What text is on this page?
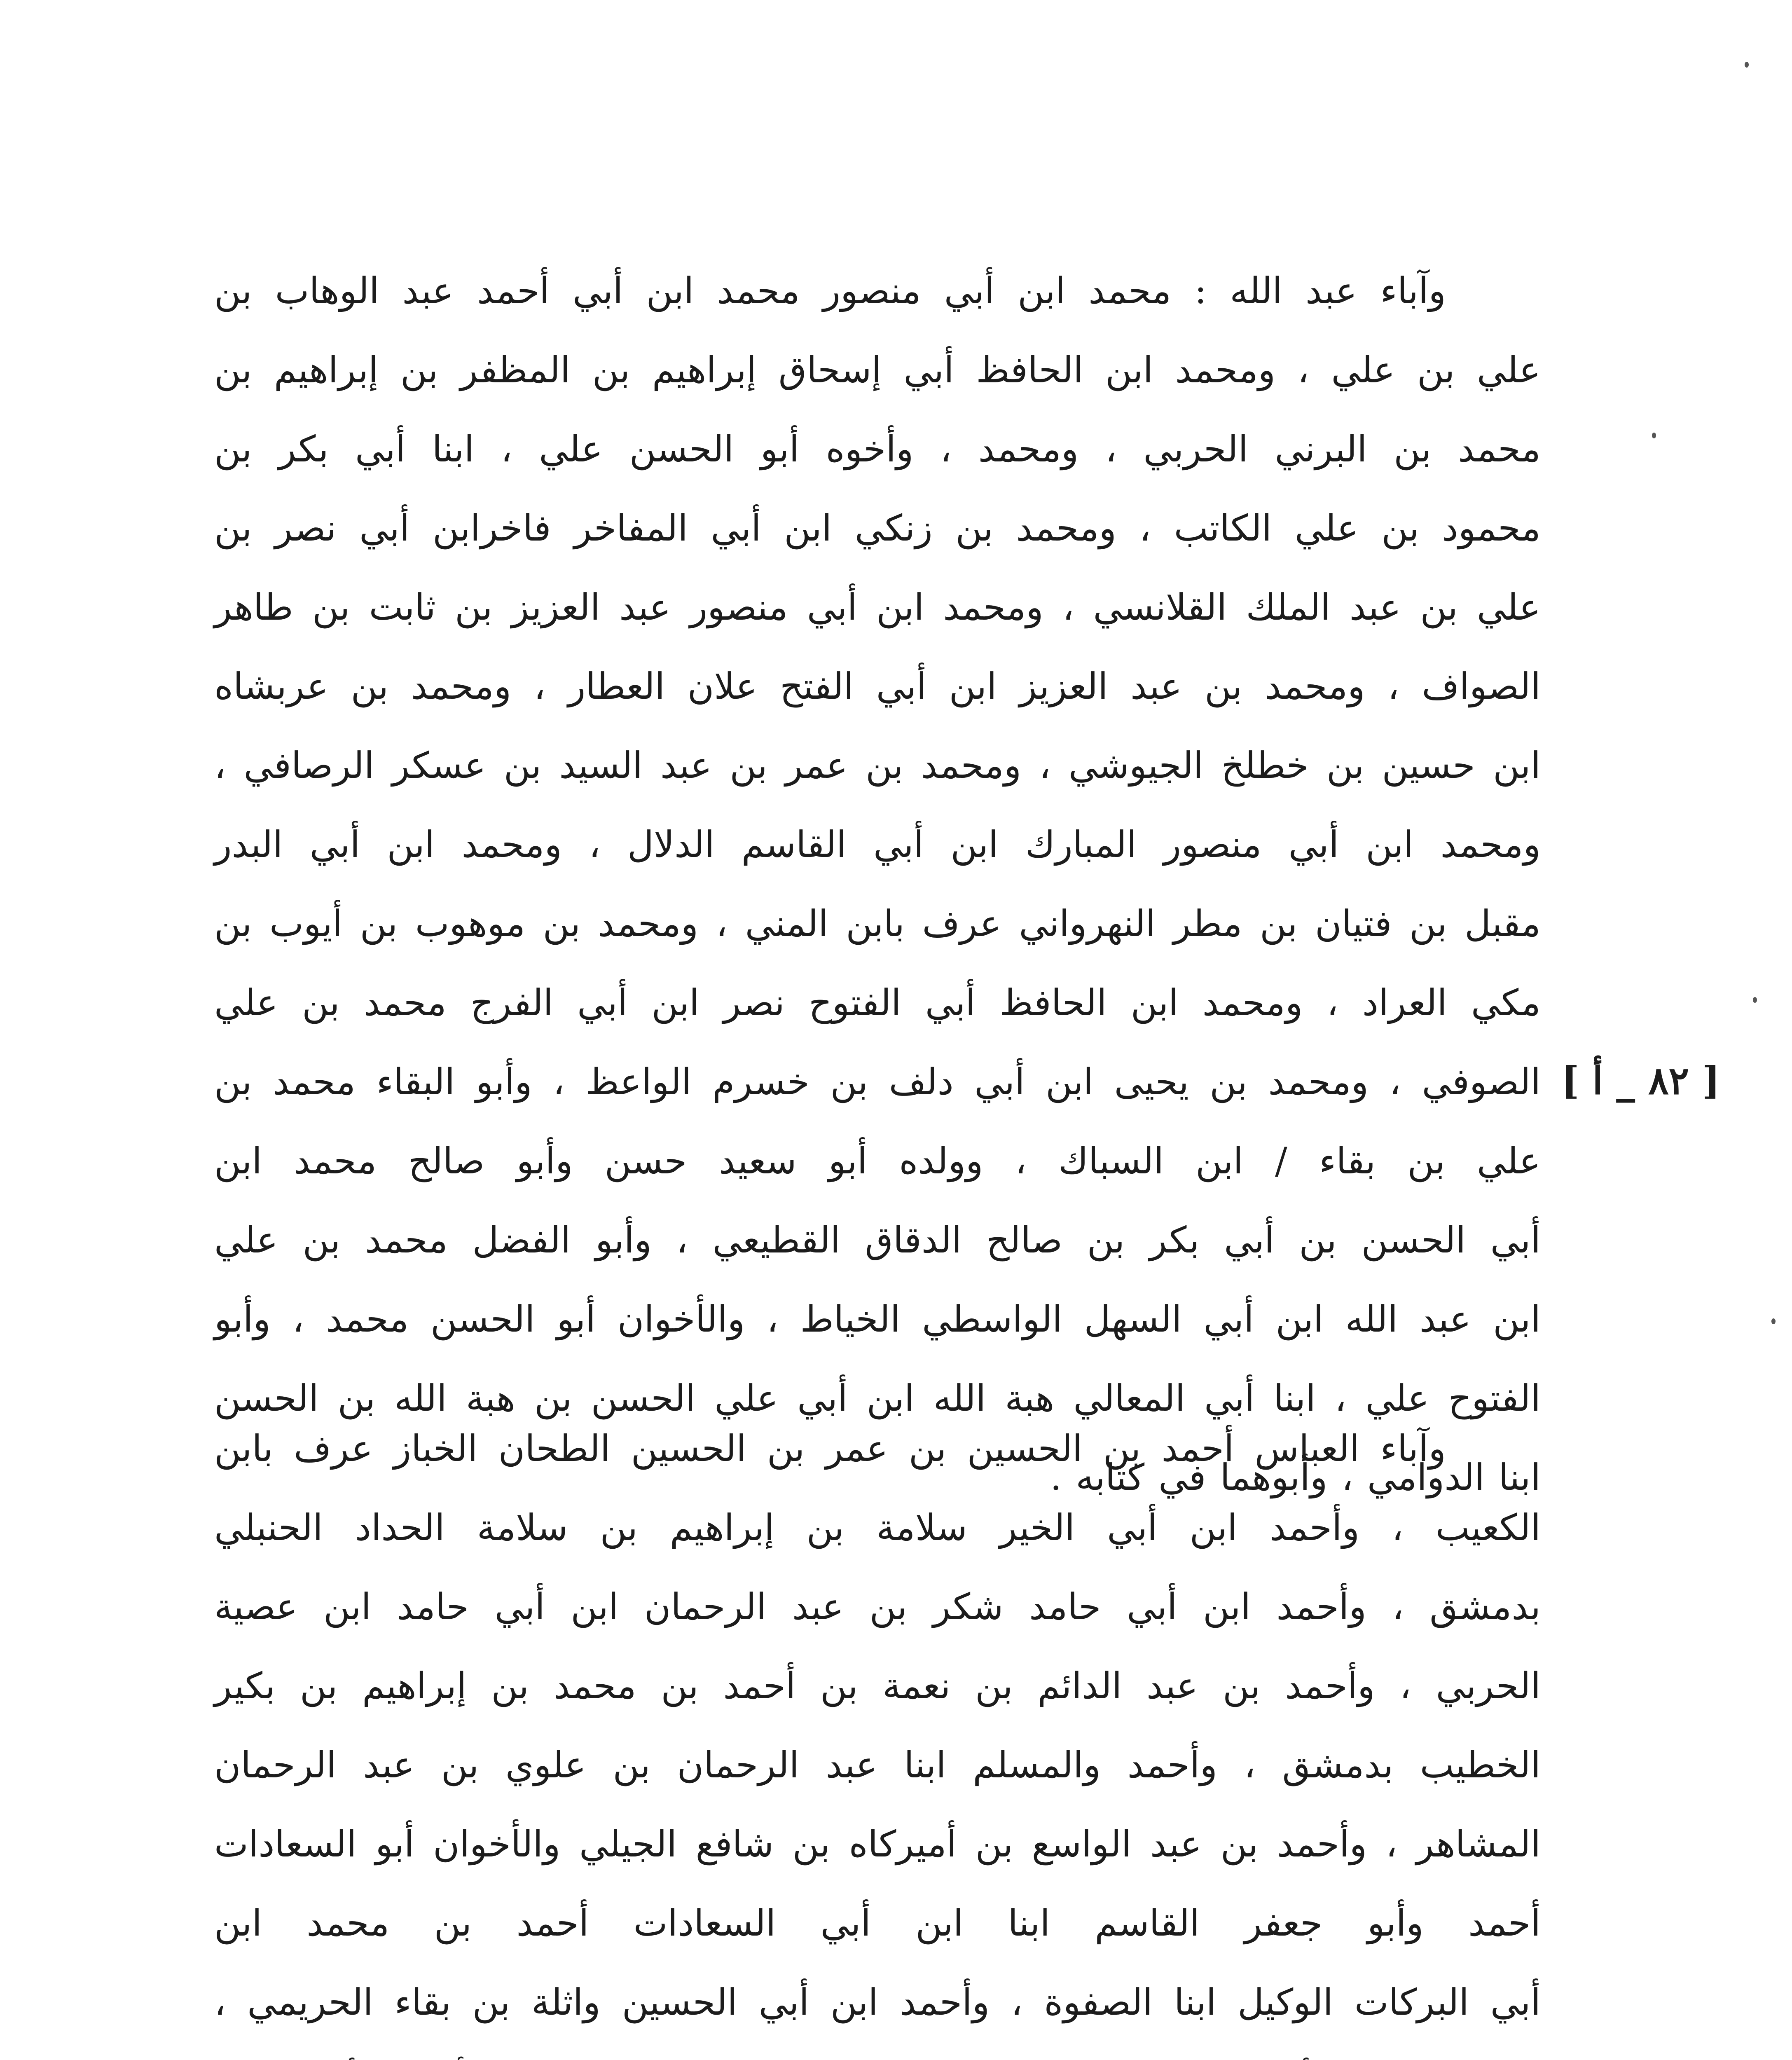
وآباء عبد الله : محمد ابن أبي منصور محمد ابن أبي أحمد عبد الوهاب بن
علي بن علي ، ومحمد ابن الحافظ أبي إسحاق إبراهيم بن المظفر بن إبراهيم بن
محمد بن البرني الحربي ، ومحمد ، وأخوه أبو الحسن علي ، ابنا أبي بكر بن
محمود بن علي الكاتب ، ومحمد بن زنكي ابن أبي المفاخر فاخرابن أبي نصر بن
علي بن عبد الملك القلانسي ، ومحمد ابن أبي منصور عبد العزيز بن ثابت بن طاهر
الصواف ، ومحمد بن عبد العزيز ابن أبي الفتح علان العطار ، ومحمد بن عربشاه
ابن حسين بن خطلخ الجيوشي ، ومحمد بن عمر بن عبد السيد بن عسكر الرصافي ،
ومحمد ابن أبي منصور المبارك ابن أبي القاسم الدلال ، ومحمد ابن أبي البدر
مقبل بن فتيان بن مطر النهرواني عرف بابن المني ، ومحمد بن موهوب بن أيوب بن
مكي العراد ، ومحمد ابن الحافظ أبي الفتوح نصر ابن أبي الفرج محمد بن علي
الصوفي ، ومحمد بن يحيى ابن أبي دلف بن خسرم الواعظ ، وأبو البقاء محمد بن
علي بن بقاء / ابن السباك ، وولده أبو سعيد حسن وأبو صالح محمد ابن
أبي الحسن بن أبي بكر بن صالح الدقاق القطيعي ، وأبو الفضل محمد بن علي
ابن عبد الله ابن أبي السهل الواسطي الخياط ، والأخوان أبو الحسن محمد ، وأبو
الفتوح علي ، ابنا أبي المعالي هبة الله ابن أبي علي الحسن بن هبة الله بن الحسن
ابنا الدوامي ، وأبوهما في كتابه .
[ ٨٢ _ أ ]
وآباء العباس أحمد بن الحسين بن عمر بن الحسين الطحان الخباز عرف بابن
الكعيب ، وأحمد ابن أبي الخير سلامة بن إبراهيم بن سلامة الحداد الحنبلي
بدمشق ، وأحمد ابن أبي حامد شكر بن عبد الرحمان ابن أبي حامد ابن عصية
الحربي ، وأحمد بن عبد الدائم بن نعمة بن أحمد بن محمد بن إبراهيم بن بكير
الخطيب بدمشق ، وأحمد والمسلم ابنا عبد الرحمان بن علوي بن عبد الرحمان
المشاهر ، وأحمد بن عبد الواسع بن أميركاه بن شافع الجيلي والأخوان أبو السعادات
أحمد وأبو جعفر القاسم ابنا ابن أبي السعادات أحمد بن محمد ابن
أبي البركات الوكيل ابنا الصفوة ، وأحمد ابن أبي الحسين واثلة بن بقاء الحريمي ،
